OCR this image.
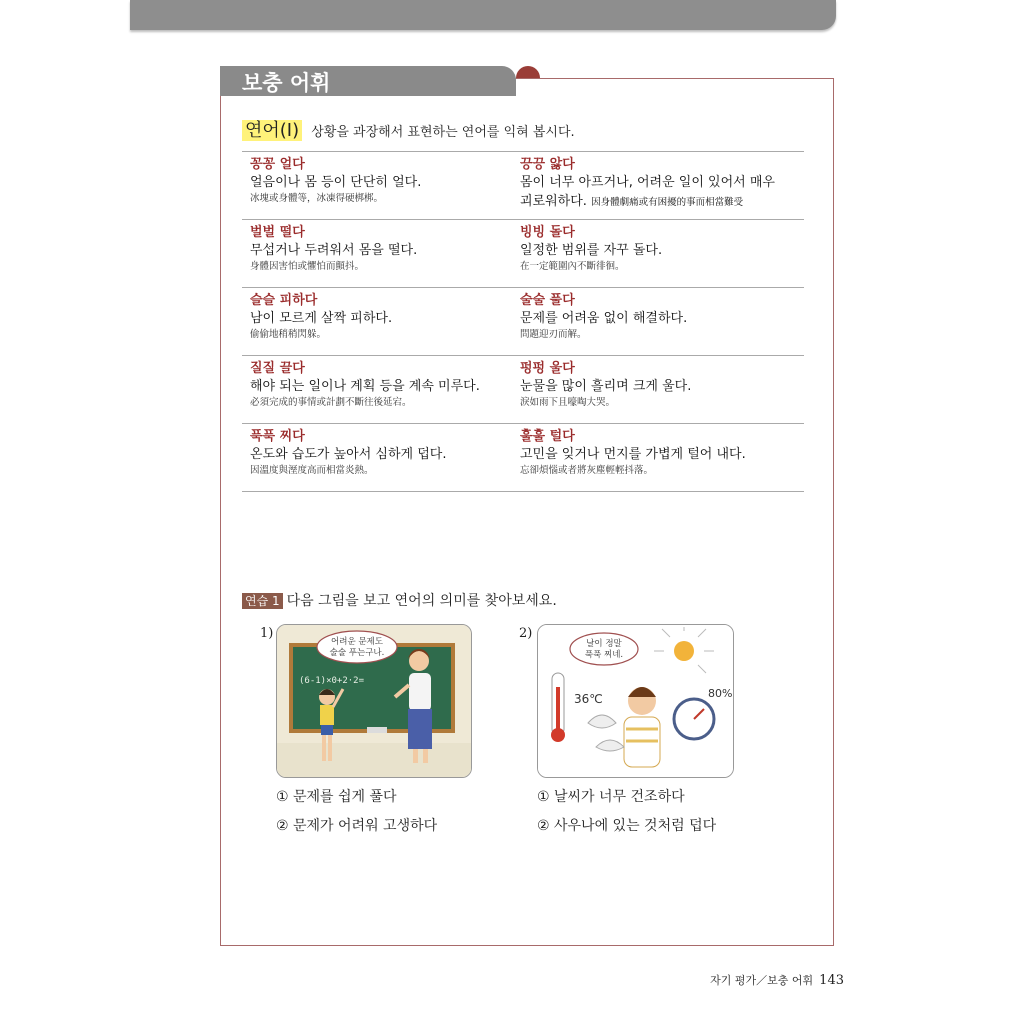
보충 어휘
연어(Ⅰ) 상황을 과장해서 표현하는 연어를 익혀 봅시다.
꽁꽁 얼다
얼음이나 몸 등이 단단히 얼다.
冰塊或身體等，冰凍得硬梆梆。
끙끙 앓다
몸이 너무 아프거나, 어려운 일이 있어서 매우 괴로워하다. 因身體劇痛或有困擾的事而相當難受
벌벌 떨다
무섭거나 두려워서 몸을 떨다.
身體因害怕或懼怕而顫抖。
빙빙 돌다
일정한 범위를 자꾸 돌다.
在一定範圍內不斷徘徊。
슬슬 피하다
남이 모르게 살짝 피하다.
偷偷地稍稍閃躲。
술술 풀다
문제를 어려움 없이 해결하다.
問題迎刃而解。
질질 끌다
해야 되는 일이나 계획 등을 계속 미루다.
必須完成的事情或計劃不斷往後延宕。
펑펑 울다
눈물을 많이 흘리며 크게 울다.
淚如雨下且嚎啕大哭。
푹푹 찌다
온도와 습도가 높아서 심하게 덥다.
因溫度與溼度高而相當炎熱。
훌훌 털다
고민을 잊거나 먼지를 가볍게 털어 내다.
忘卻煩惱或者將灰塵輕輕抖落。
연습 1 다음 그림을 보고 연어의 의미를 찾아보세요.
1)
(6-1)×0+2·2=
어려운 문제도
술술 푸는구나.
① 문제를 쉽게 풀다
② 문제가 어려워 고생하다
2)
36℃	80%
날이 정말
푹푹 찌네.
① 날씨가 너무 건조하다
② 사우나에 있는 것처럼 덥다
자기 평가／보충 어휘 143
